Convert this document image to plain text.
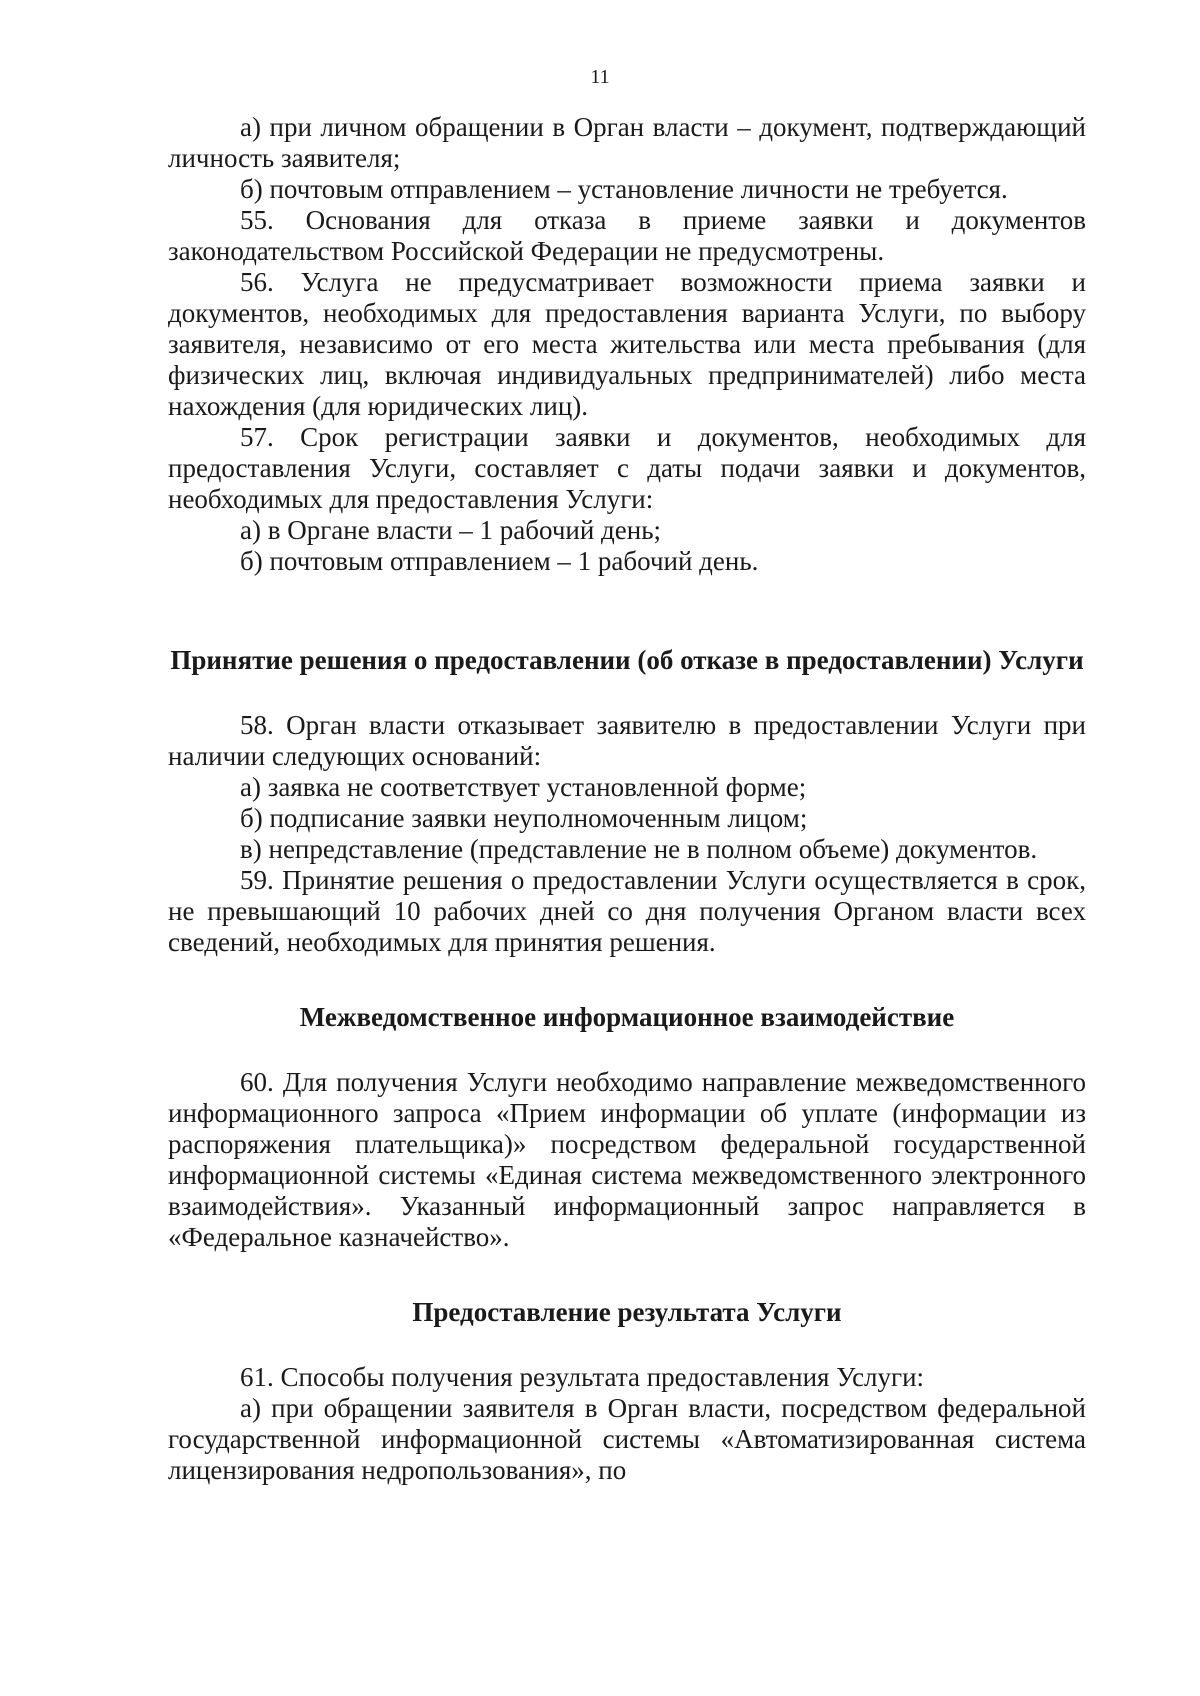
11

а) при личном обращении в Орган власти – документ, подтверждающий личность заявителя;

б) почтовым отправлением – установление личности не требуется.

55. Основания для отказа в приеме заявки и документов законодательством Российской Федерации не предусмотрены.

56. Услуга не предусматривает возможности приема заявки и документов, необходимых для предоставления варианта Услуги, по выбору заявителя, независимо от его места жительства или места пребывания (для физических лиц, включая индивидуальных предпринимателей) либо места нахождения (для юридических лиц).

57. Срок регистрации заявки и документов, необходимых для предоставления Услуги, составляет с даты подачи заявки и документов, необходимых для предоставления Услуги:

а) в Органе власти – 1 рабочий день;

б) почтовым отправлением – 1 рабочий день.

Принятие решения о предоставлении (об отказе в предоставлении) Услуги

58. Орган власти отказывает заявителю в предоставлении Услуги при наличии следующих оснований:

а) заявка не соответствует установленной форме;

б) подписание заявки неуполномоченным лицом;

в) непредставление (представление не в полном объеме) документов.

59. Принятие решения о предоставлении Услуги осуществляется в срок, не превышающий 10 рабочих дней со дня получения Органом власти всех сведений, необходимых для принятия решения.

Межведомственное информационное взаимодействие

60. Для получения Услуги необходимо направление межведомственного информационного запроса «Прием информации об уплате (информации из распоряжения плательщика)» посредством федеральной государственной информационной системы «Единая система межведомственного электронного взаимодействия». Указанный информационный запрос направляется в «Федеральное казначейство».

Предоставление результата Услуги

61. Способы получения результата предоставления Услуги:

а) при обращении заявителя в Орган власти, посредством федеральной государственной информационной системы «Автоматизированная система лицензирования недропользования», по
